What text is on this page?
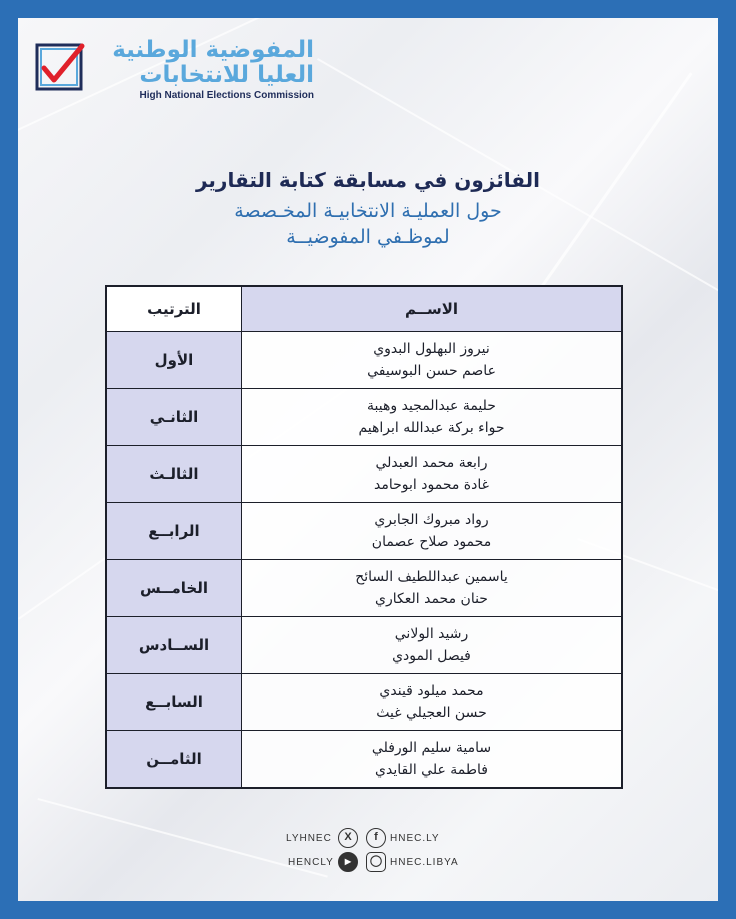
المفوضية الوطنية
العليا للانتخابات
High National Elections Commission
الفائزون في مسابقة كتابة التقارير
حول العمليـة الانتخابيـة المخـصصة
لموظـفي المفوضيــة
الاســم	الترتيب

نيروز البهلول البدوي
عاصم حسن البوسيفي	الأول

حليمة عبدالمجيد وهيبة
حواء بركة عبدالله ابراهيم	الثانـي

رابعة محمد العبدلي
غادة محمود ابوحامد	الثالـث

رواد مبروك الجابري
محمود صلاح عصمان	الرابــع

ياسمين عبداللطيف السائح
حنان محمد العكاري	الخامــس

رشيد الولاني
فيصل المودي	الســادس

محمد ميلود قيندي
حسن العجيلي غيث	السابــع

سامية سليم الورفلي
فاطمة علي القايدي	الثامــن
LYHNEC	X	f	HNEC.LY
HENCLY	▶	◯ HNEC.LIBYA
